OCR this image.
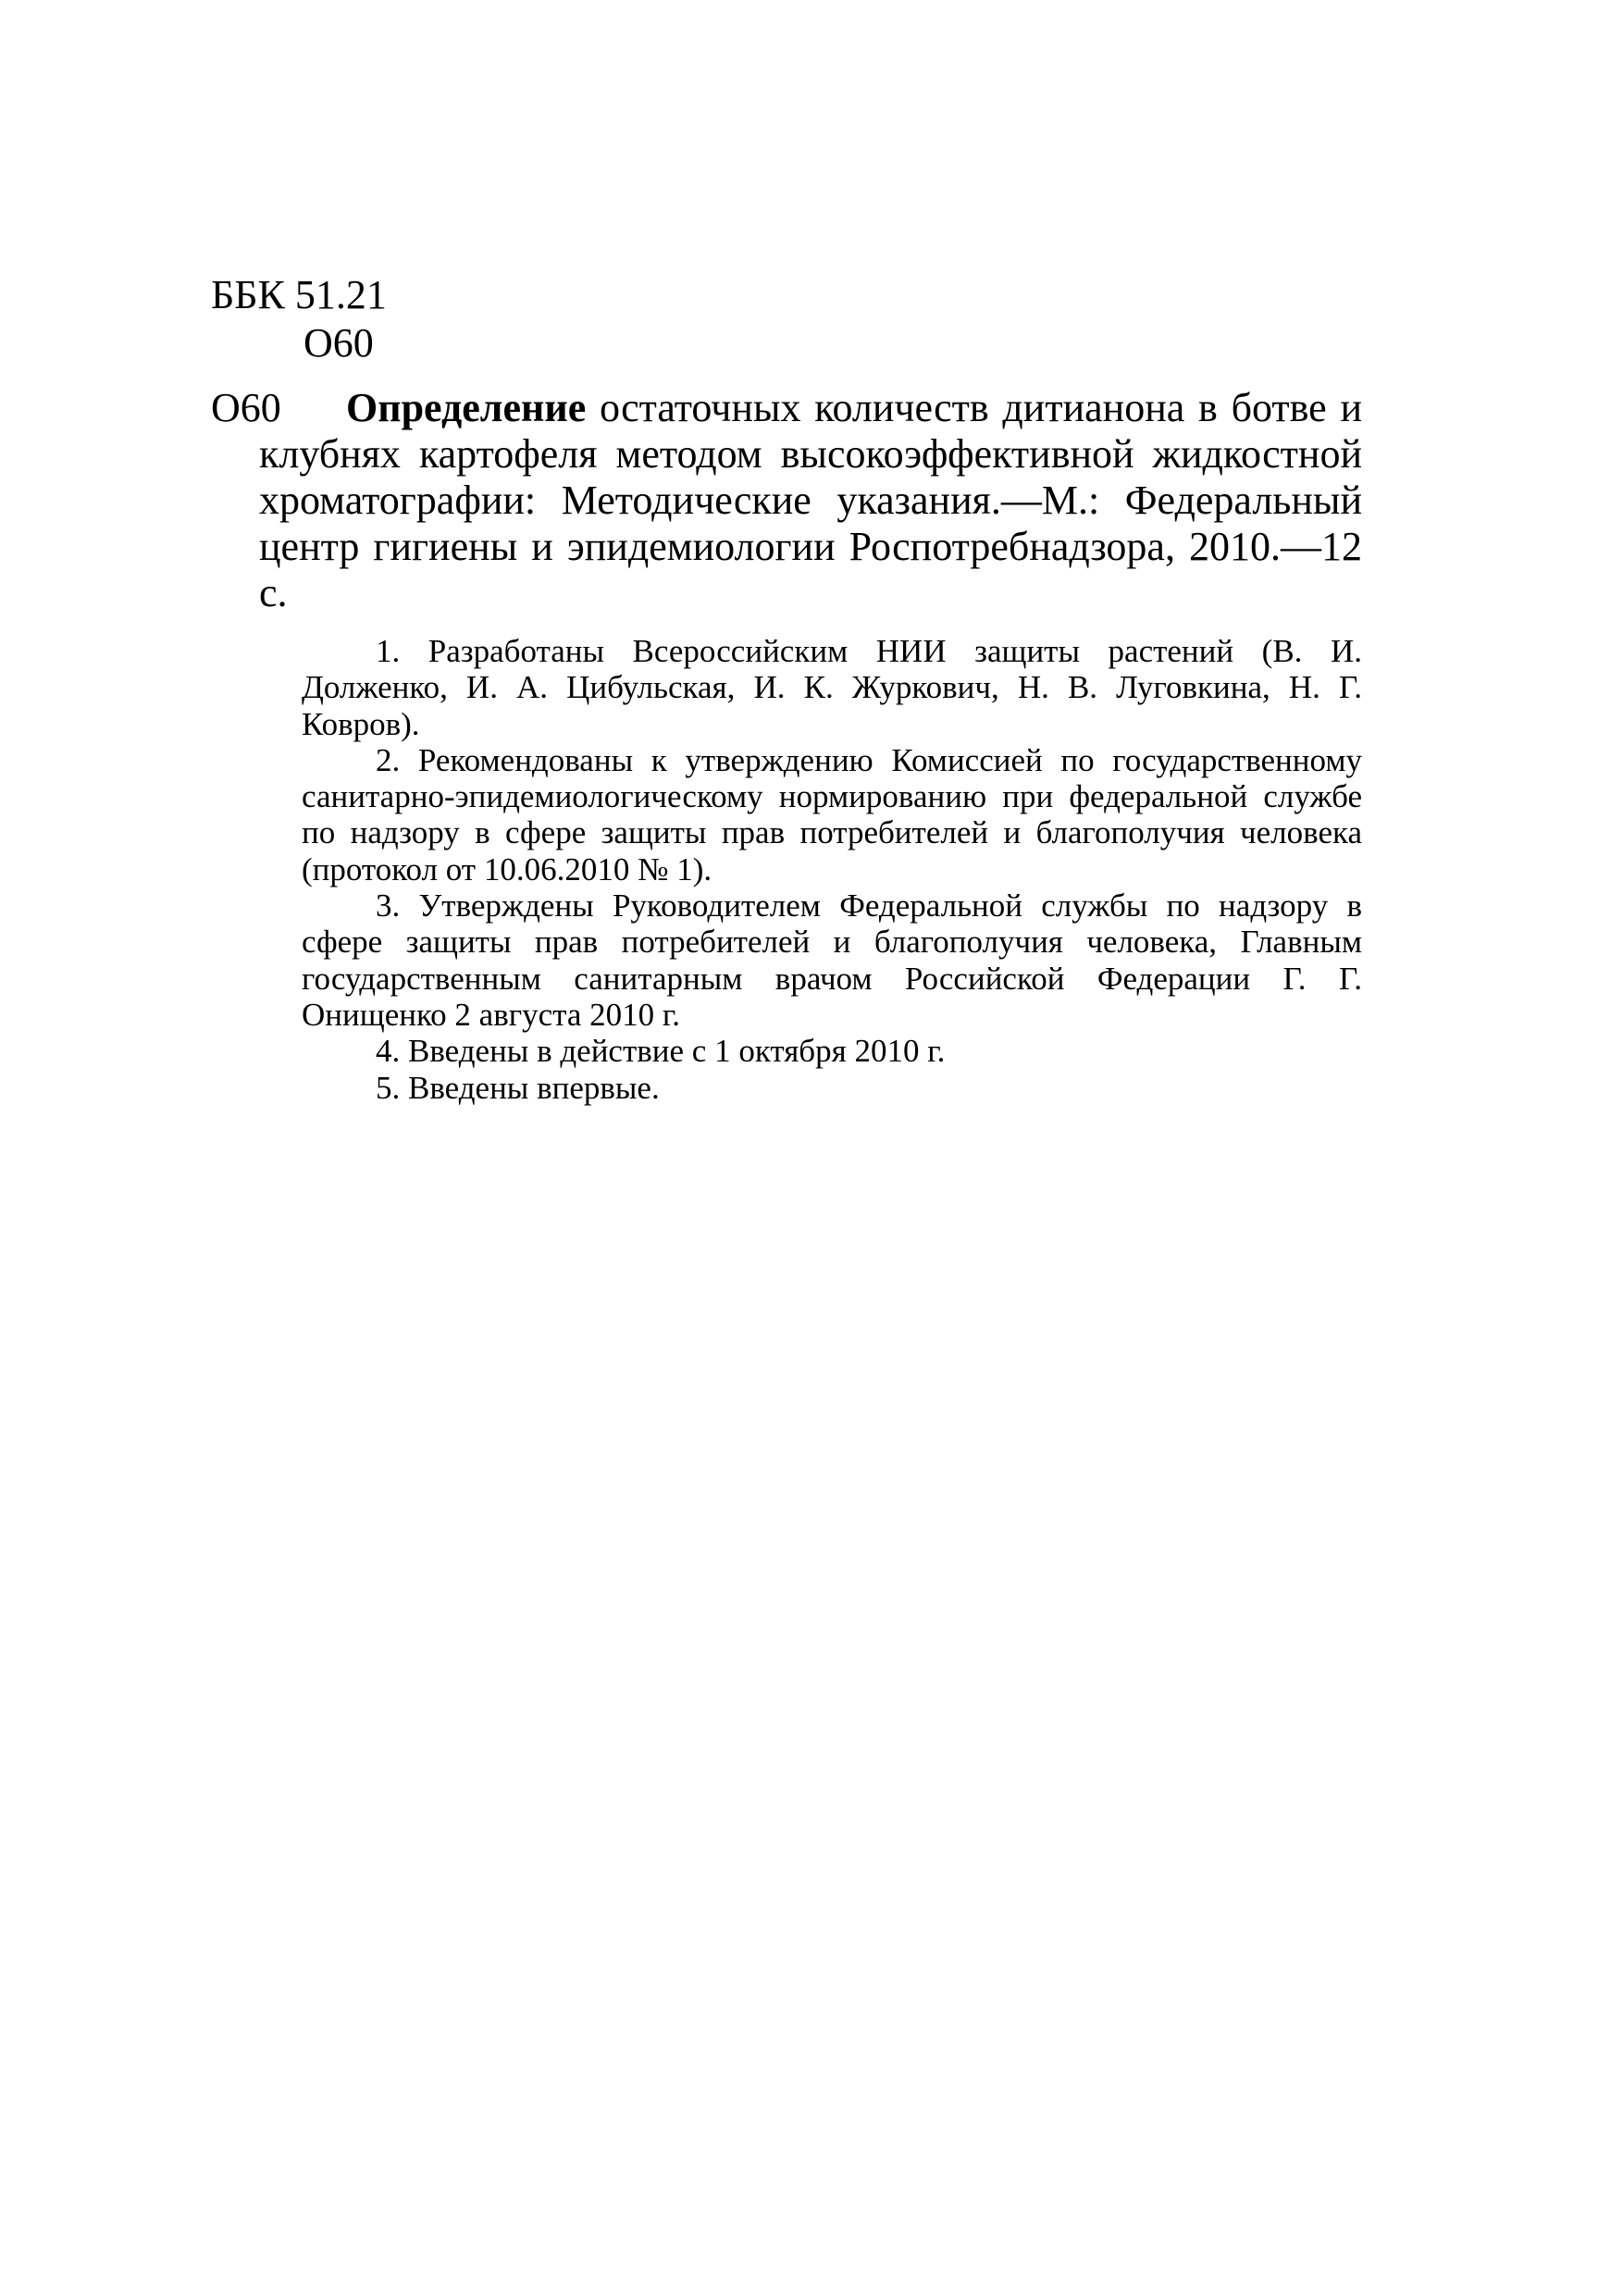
ББК 51.21

О60

О60	Определение остаточных количеств дитианона в ботве и клубнях картофеля методом высокоэффективной жидкостной хроматографии: Методические указания.—М.: Федеральный центр гигиены и эпидемиологии Роспотребнадзора, 2010.—12 с.

1. Разработаны Всероссийским НИИ защиты растений (В. И. Долженко, И. А. Цибульская, И. К. Журкович, Н. В. Луговкина, Н. Г. Ковров).

2. Рекомендованы к утверждению Комиссией по государственному санитарно-эпидемиологическому нормированию при федеральной службе по надзору в сфере защиты прав потребителей и благополучия человека (протокол от 10.06.2010 № 1).

3. Утверждены Руководителем Федеральной службы по надзору в сфере защиты прав потребителей и благополучия человека, Главным государственным санитарным врачом Российской Федерации Г. Г. Онищенко 2 августа 2010 г.

4. Введены в действие с 1 октября 2010 г.

5. Введены впервые.
